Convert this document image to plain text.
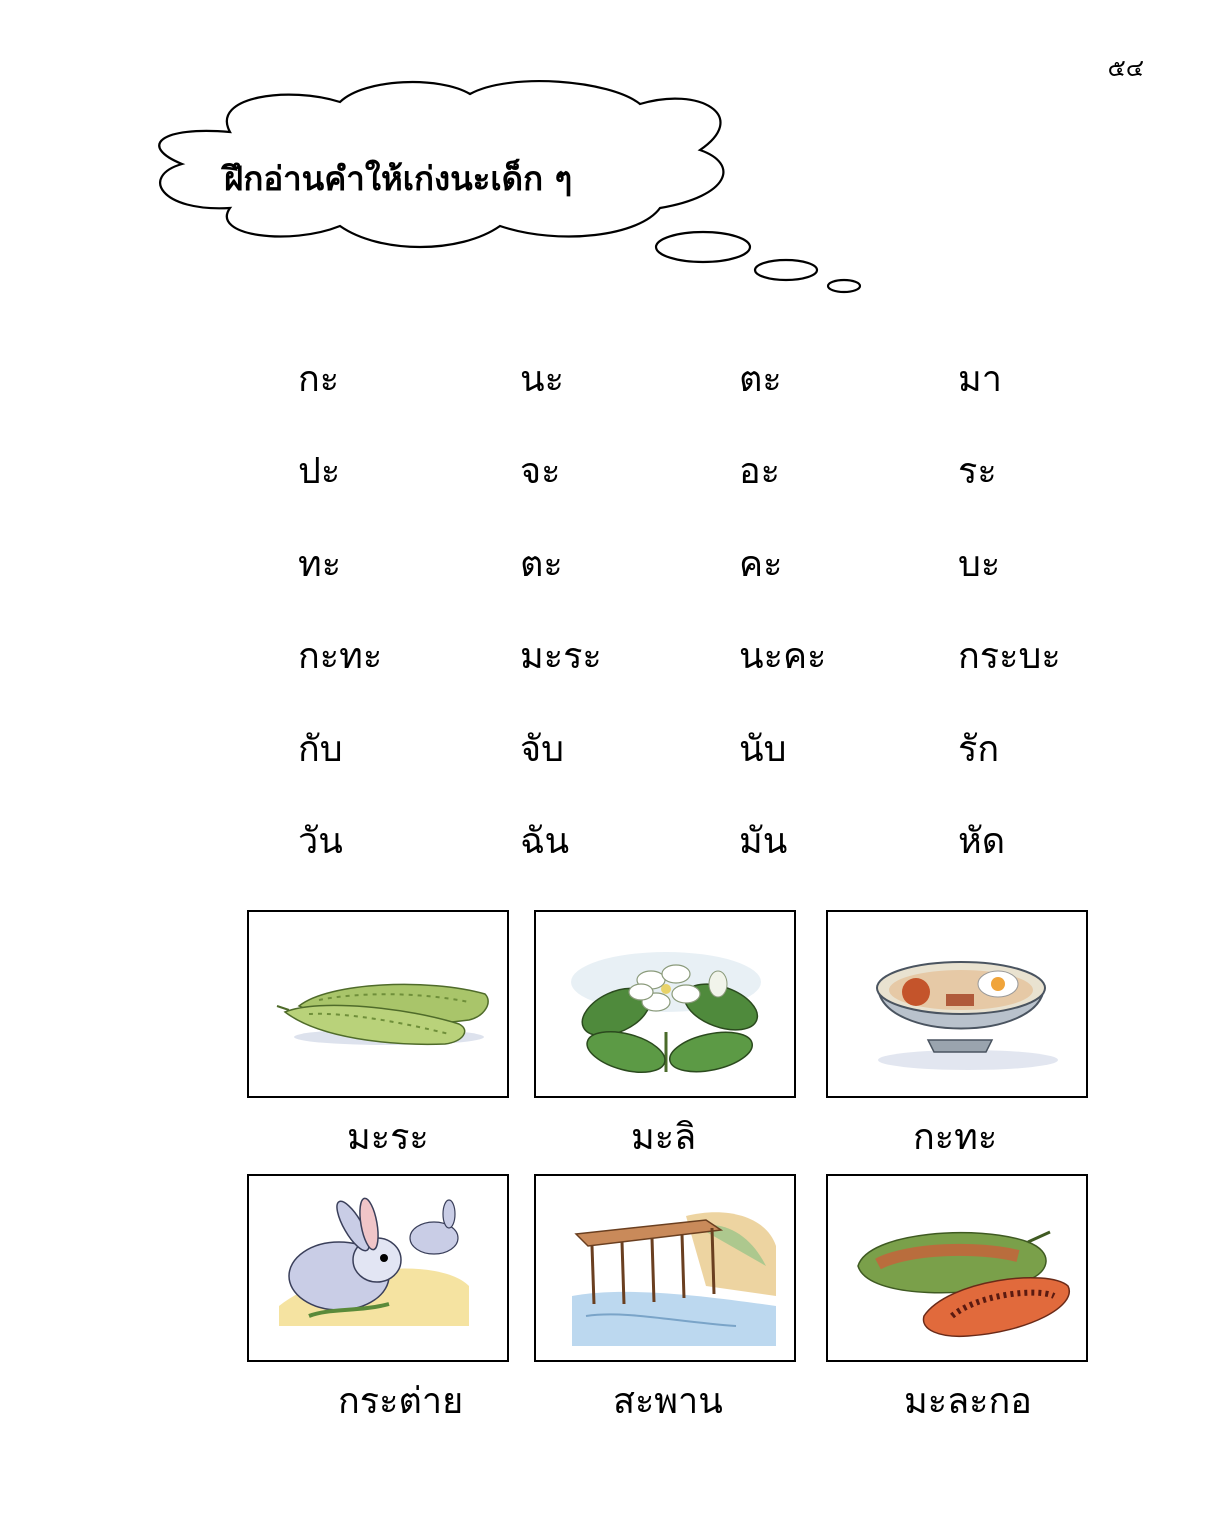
๕๔
ฝึกอ่านคำให้เก่งนะเด็ก ๆ
กะ	นะ	ตะ	มา
ปะ	จะ	อะ	ระ
ทะ	ตะ	คะ	บะ
กะทะ	มะระ	นะคะ	กระบะ
กับ	จับ	นับ	รัก
วัน	ฉัน	มัน	หัด
มะระ	มะลิ	กะทะ
กระต่าย	สะพาน	มะละกอ
